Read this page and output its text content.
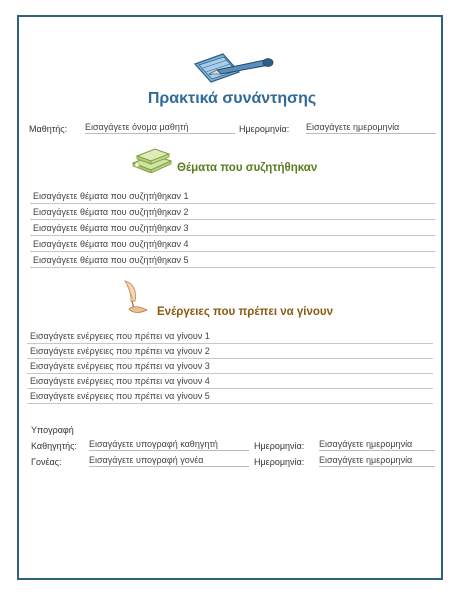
Πρακτικά συνάντησης
Μαθητής: Εισαγάγετε όνομα μαθητή	Ημερομηνία: Εισαγάγετε ημερομηνία
Θέματα που συζητήθηκαν
Εισαγάγετε θέματα που συζητήθηκαν 1
Εισαγάγετε θέματα που συζητήθηκαν 2
Εισαγάγετε θέματα που συζητήθηκαν 3
Εισαγάγετε θέματα που συζητήθηκαν 4
Εισαγάγετε θέματα που συζητήθηκαν 5
Ενέργειες που πρέπει να γίνουν
Εισαγάγετε ενέργειες που πρέπει να γίνουν 1
Εισαγάγετε ενέργειες που πρέπει να γίνουν 2
Εισαγάγετε ενέργειες που πρέπει να γίνουν 3
Εισαγάγετε ενέργειες που πρέπει να γίνουν 4
Εισαγάγετε ενέργειες που πρέπει να γίνουν 5
Υπογραφή
Καθηγητής: Εισαγάγετε υπογραφή καθηγητή	Ημερομηνία: Εισαγάγετε ημερομηνία
Γονέας:	Εισαγάγετε υπογραφή γονέα	Ημερομηνία: Εισαγάγετε ημερομηνία
